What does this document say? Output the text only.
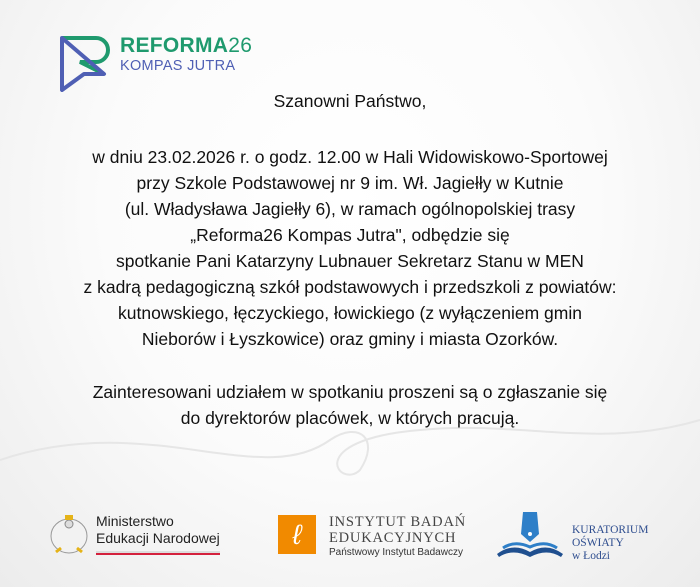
REFORMA26
KOMPAS JUTRA
Szanowni Państwo,
w dniu 23.02.2026 r. o godz. 12.00 w Hali Widowiskowo-Sportowej
przy Szkole Podstawowej nr 9 im. Wł. Jagiełły w Kutnie
(ul. Władysława Jagiełły 6), w ramach ogólnopolskiej trasy
„Reforma26 Kompas Jutra", odbędzie się
spotkanie Pani Katarzyny Lubnauer Sekretarz Stanu w MEN
z kadrą pedagogiczną szkół podstawowych i przedszkoli z powiatów:
kutnowskiego, łęczyckiego, łowickiego (z wyłączeniem gmin
Nieborów i Łyszkowice) oraz gminy i miasta Ozorków.
Zainteresowani udziałem w spotkaniu proszeni są o zgłaszanie się
do dyrektorów placówek, w których pracują.
Ministerstwo
Edukacji Narodowej	ℓ	INSTYTUT BADAŃ
EDUKACYJNYCH
Państwowy Instytut Badawczy
KURATORIUM
OŚWIATY
w Łodzi
